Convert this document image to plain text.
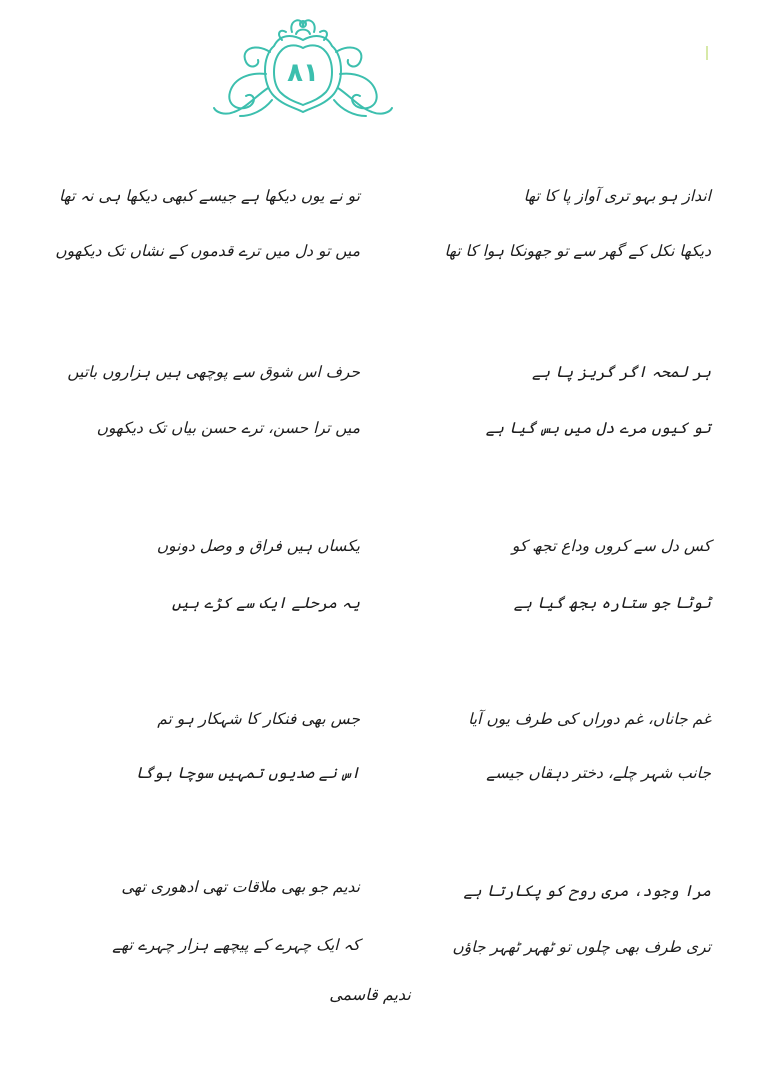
٨١
انداز ہو بہو تری آواز پا کا تھا
دیکھا نکل کے گھر سے تو جھونکا ہوا کا تھا
تو نے یوں دیکھا ہے جیسے کبھی دیکھا ہی نہ تھا
میں تو دل میں ترے قدموں کے نشاں تک دیکھوں
ہر لمحہ اگر گریز پا ہے
تو کیوں مرے دل میں بس گیا ہے
حرف اس شوق سے پوچھی ہیں ہزاروں باتیں
میں ترا حسن، ترے حسن بیاں تک دیکھوں
کس دل سے کروں وداع تجھ کو
ٹوٹا جو ستارہ بجھ گیا ہے
یکساں ہیں فراق و وصل دونوں
یہ مرحلے ایک سے کڑے ہیں
غم جاناں، غم دوراں کی طرف یوں آیا
جانب شہر چلے، دختر دہقاں جیسے
جس بھی فنکار کا شہکار ہو تم
اس نے صدیوں تمہیں سوچا ہوگا
مرا وجود، مری روح کو پکارتا ہے
تری طرف بھی چلوں تو ٹھہر ٹھہر جاؤں
ندیم جو بھی ملاقات تھی ادھوری تھی
کہ ایک چہرے کے پیچھے ہزار چہرے تھے
ندیم قاسمی
